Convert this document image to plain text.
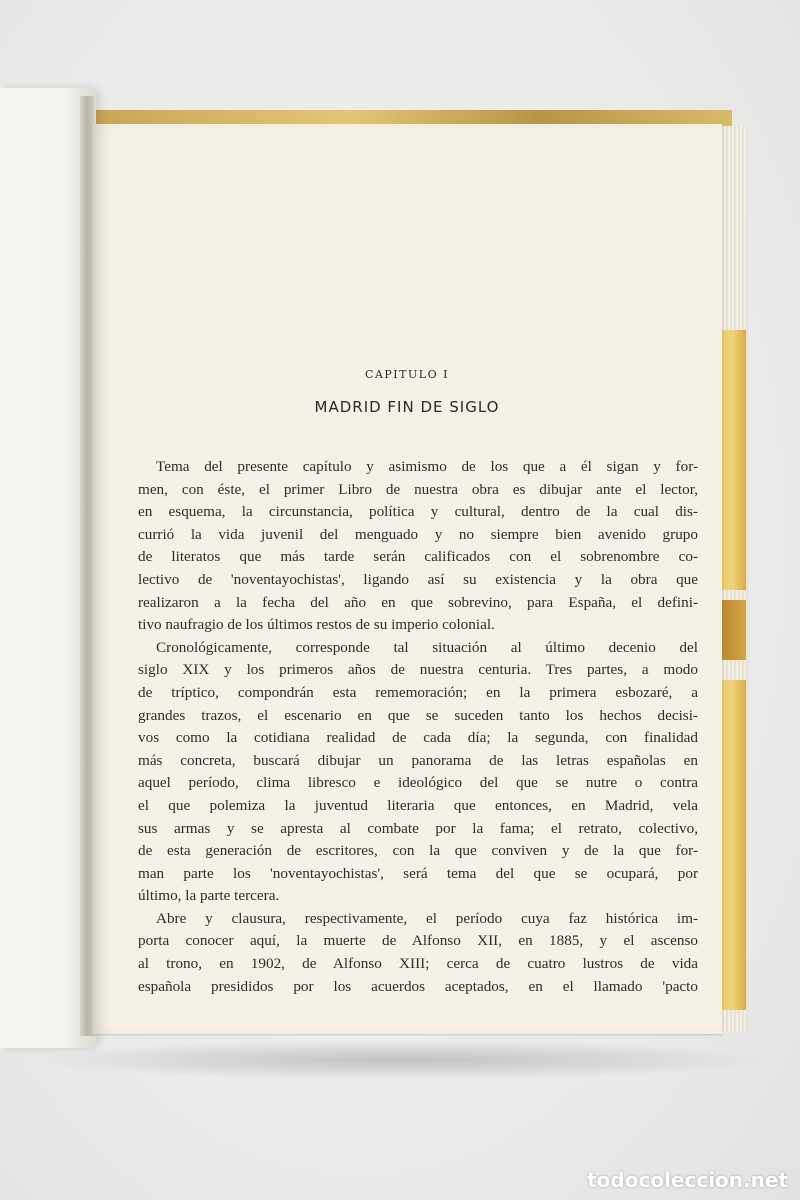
CAPITULO I
MADRID FIN DE SIGLO
Tema del presente capítulo y asimismo de los que a él sigan y for-
men, con éste, el primer Libro de nuestra obra es dibujar ante el lector,
en esquema, la circunstancia, política y cultural, dentro de la cual dis-
currió la vida juvenil del menguado y no siempre bien avenido grupo
de literatos que más tarde serán calificados con el sobrenombre co-
lectivo de 'noventayochistas', ligando así su existencia y la obra que
realizaron a la fecha del año en que sobrevino, para España, el defini-
tivo naufragio de los últimos restos de su imperio colonial.
Cronológicamente, corresponde tal situación al último decenio del
siglo XIX y los primeros años de nuestra centuria. Tres partes, a modo
de tríptico, compondrán esta rememoración; en la primera esbozaré, a
grandes trazos, el escenario en que se suceden tanto los hechos decisi-
vos como la cotidiana realidad de cada día; la segunda, con finalidad
más concreta, buscará dibujar un panorama de las letras españolas en
aquel período, clima libresco e ideológico del que se nutre o contra
el que polemiza la juventud literaria que entonces, en Madrid, vela
sus armas y se apresta al combate por la fama; el retrato, colectivo,
de esta generación de escritores, con la que conviven y de la que for-
man parte los 'noventayochistas', será tema del que se ocupará, por
último, la parte tercera.
Abre y clausura, respectivamente, el período cuya faz histórica im-
porta conocer aquí, la muerte de Alfonso XII, en 1885, y el ascenso
al trono, en 1902, de Alfonso XIII; cerca de cuatro lustros de vida
española presididos por los acuerdos aceptados, en el llamado 'pacto
todocoleccion.net
